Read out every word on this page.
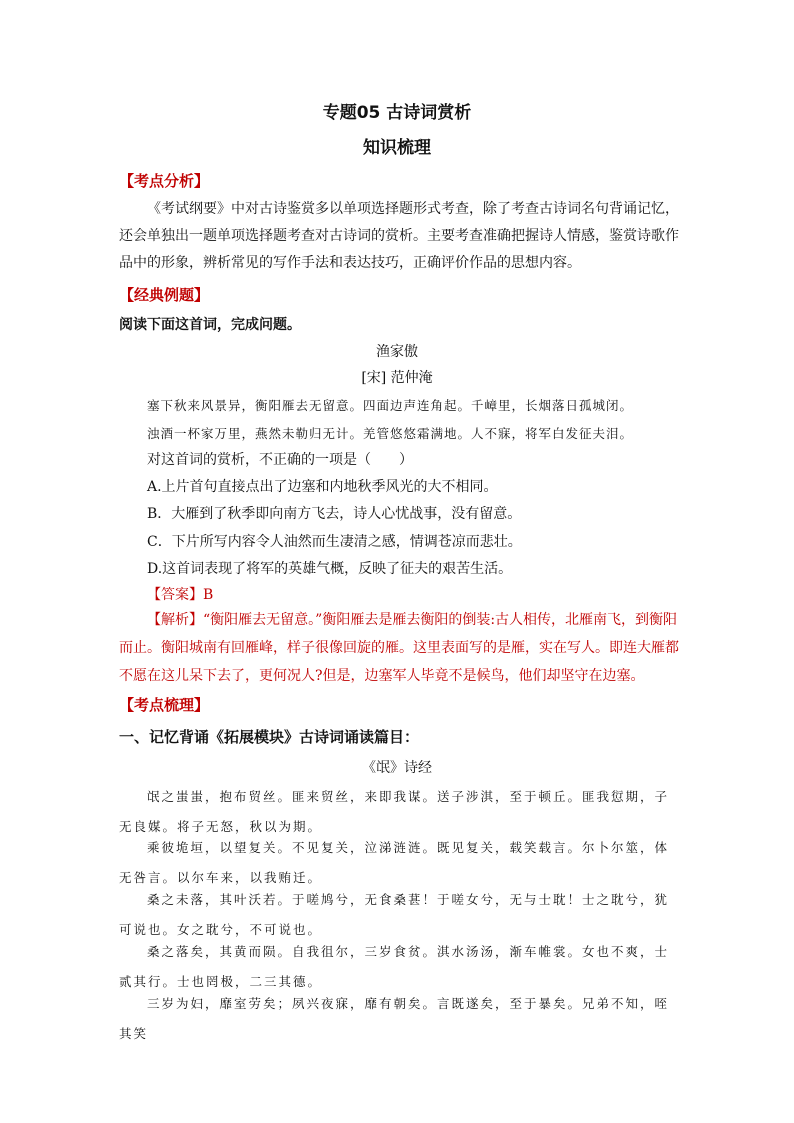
专题05 古诗词赏析
知识梳理
【考点分析】
《考试纲要》中对古诗鉴赏多以单项选择题形式考查，除了考查古诗词名句背诵记忆，还会单独出一题单项选择题考查对古诗词的赏析。主要考查准确把握诗人情感，鉴赏诗歌作品中的形象，辨析常见的写作手法和表达技巧，正确评价作品的思想内容。
【经典例题】
阅读下面这首词，完成问题。
渔家傲
[宋] 范仲淹
塞下秋来风景异，衡阳雁去无留意。四面边声连角起。千嶂里，长烟落日孤城闭。
浊酒一杯家万里，燕然未勒归无计。羌管悠悠霜满地。人不寐，将军白发征夫泪。
对这首词的赏析，不正确的一项是（　　）
A.上片首句直接点出了边塞和内地秋季风光的大不相同。
B．大雁到了秋季即向南方飞去，诗人心忧战事，没有留意。
C．下片所写内容令人油然而生凄清之感，情调苍凉而悲壮。
D.这首词表现了将军的英雄气概，反映了征夫的艰苦生活。
【答案】B
【解析】“衡阳雁去无留意。”衡阳雁去是雁去衡阳的倒装:古人相传，北雁南飞，到衡阳而止。衡阳城南有回雁峰，样子很像回旋的雁。这里表面写的是雁，实在写人。即连大雁都不愿在这儿呆下去了，更何况人?但是，边塞军人毕竟不是候鸟，他们却坚守在边塞。
【考点梳理】
一、记忆背诵《拓展模块》古诗词诵读篇目：
《氓》诗经
氓之蚩蚩，抱布贸丝。匪来贸丝，来即我谋。送子涉淇，至于顿丘。匪我愆期，子无良媒。将子无怒，秋以为期。
乘彼垝垣，以望复关。不见复关，泣涕涟涟。既见复关，载笑载言。尔卜尔筮，体无咎言。以尔车来，以我贿迁。
桑之未落，其叶沃若。于嗟鸠兮，无食桑葚！于嗟女兮，无与士耽！士之耽兮，犹可说也。女之耽兮，不可说也。
桑之落矣，其黄而陨。自我徂尔，三岁食贫。淇水汤汤，渐车帷裳。女也不爽，士贰其行。士也罔极，二三其德。
三岁为妇，靡室劳矣；夙兴夜寐，靡有朝矣。言既遂矣，至于暴矣。兄弟不知，咥其笑
